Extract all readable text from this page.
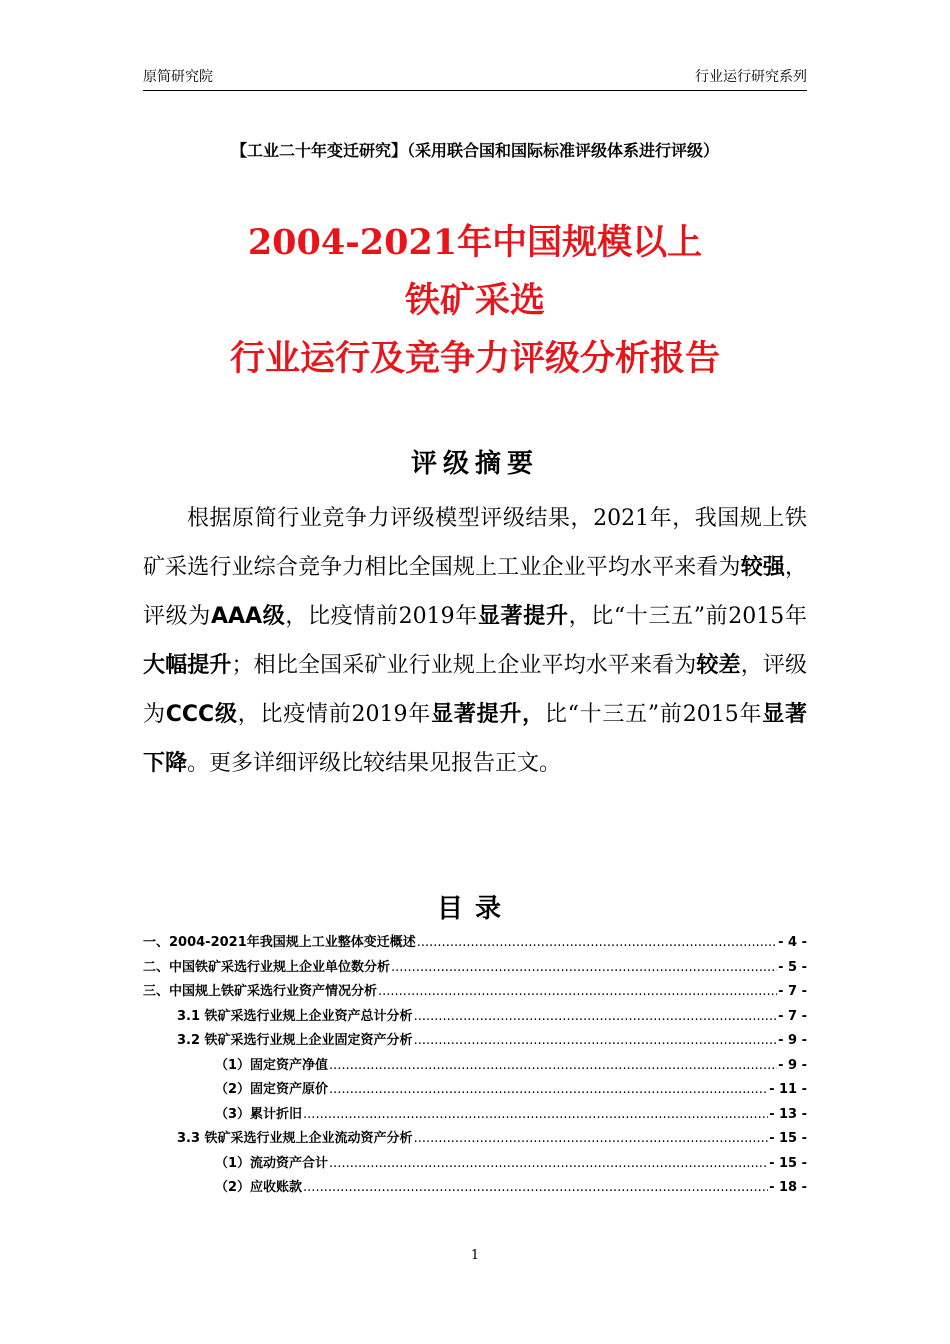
原简研究院	行业运行研究系列
【工业二十年变迁研究】（采用联合国和国际标准评级体系进行评级）
2004-2021年中国规模以上
铁矿采选
行业运行及竞争力评级分析报告
评级摘要
根据原简行业竞争力评级模型评级结果，2021年，我国规上铁矿采选行业综合竞争力相比全国规上工业企业平均水平来看为较强，评级为AAA级，比疫情前2019年显著提升，比“十三五”前2015年大幅提升；相比全国采矿业行业规上企业平均水平来看为较差，评级为CCC级，比疫情前2019年显著提升，比“十三五”前2015年显著下降。更多详细评级比较结果见报告正文。
目录
一、2004-2021年我国规上工业整体变迁概述 .....	- 4 -
二、中国铁矿采选行业规上企业单位数分析 .....	- 5 -
三、中国规上铁矿采选行业资产情况分析 .....	- 7 -
3.1 铁矿采选行业规上企业资产总计分析 .....	- 7 -
3.2 铁矿采选行业规上企业固定资产分析 .....	- 9 -
（1）固定资产净值 .....	- 9 -
（2）固定资产原价 .....	- 11 -
（3）累计折旧 .....	- 13 -
3.3 铁矿采选行业规上企业流动资产分析 .....	- 15 -
（1）流动资产合计 .....	- 15 -
（2）应收账款 .....	- 18 -
1
